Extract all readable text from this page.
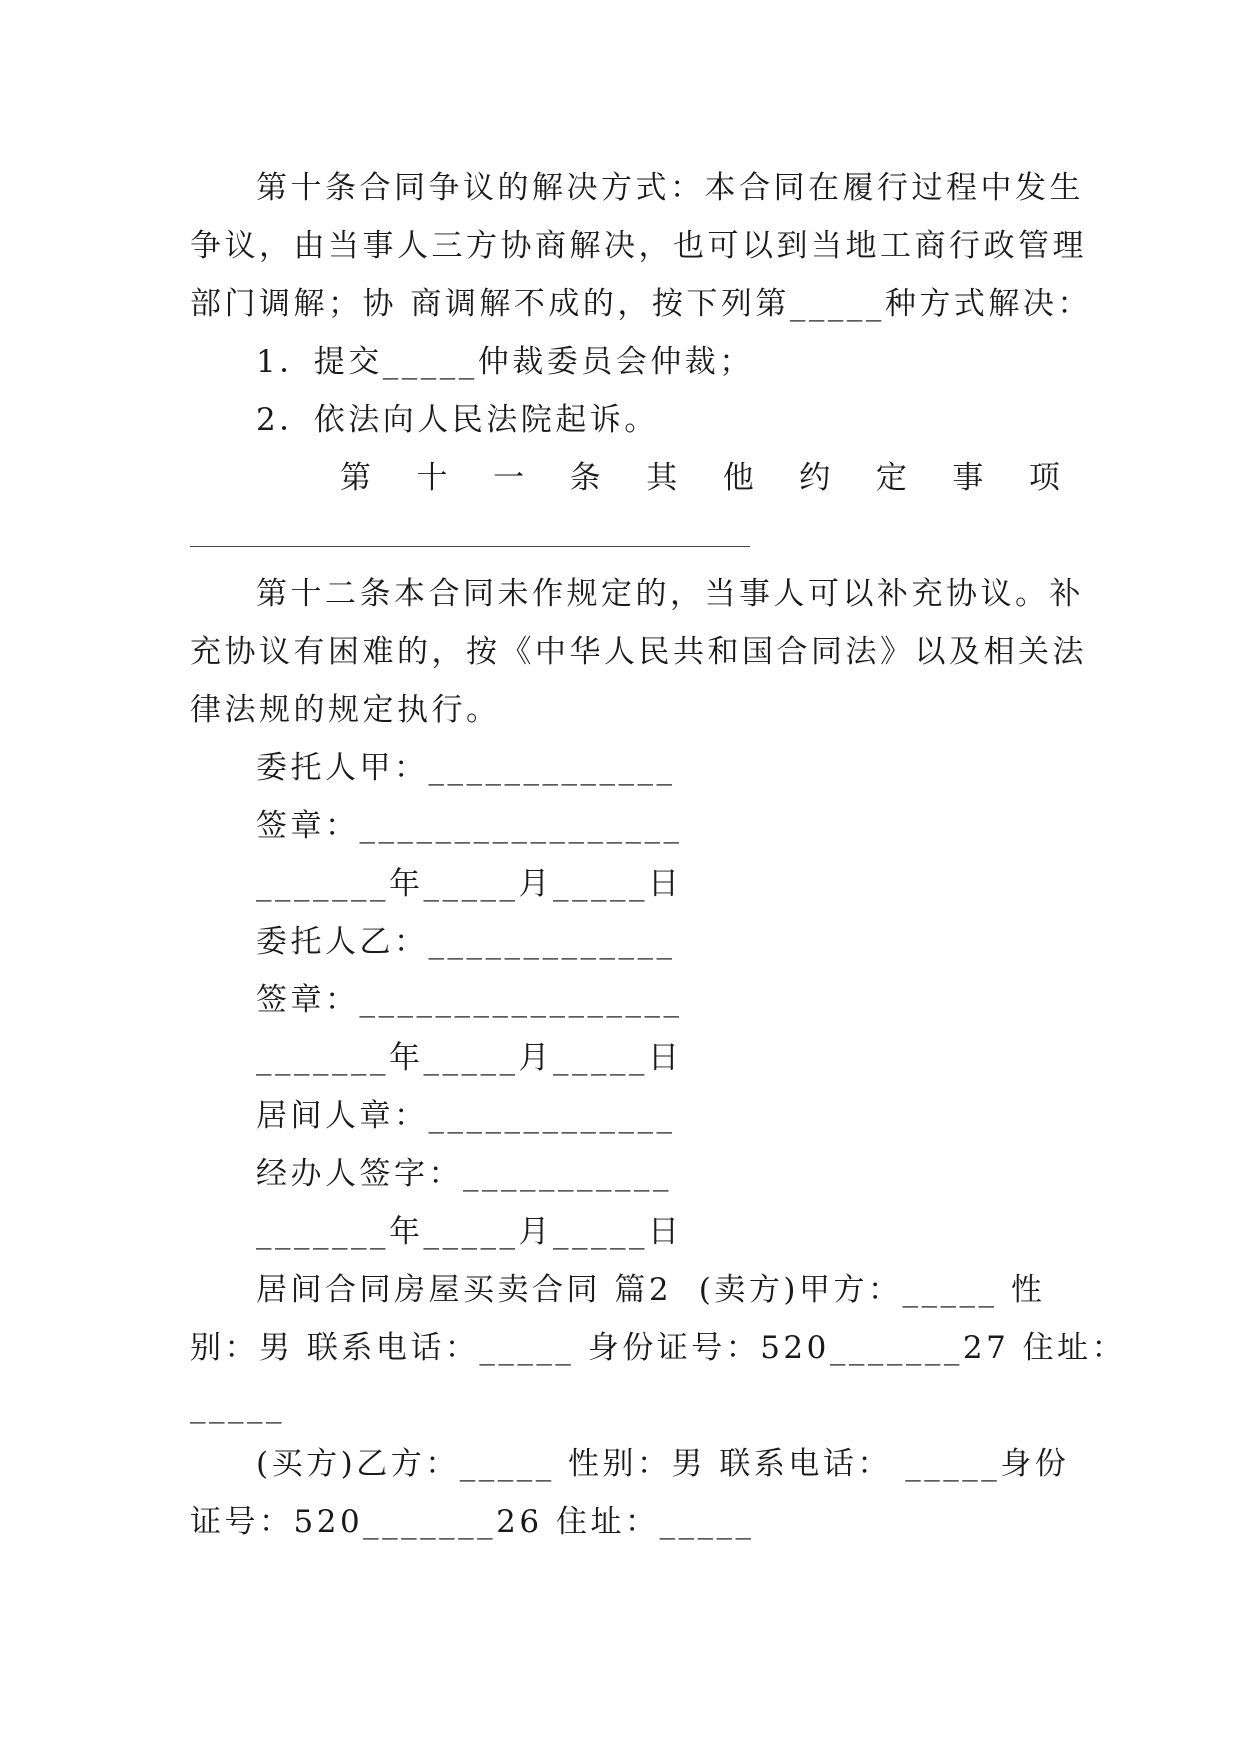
第十条合同争议的解决方式：本合同在履行过程中发生
争议，由当事人三方协商解决，也可以到当地工商行政管理
部门调解；协 商调解不成的，按下列第_____种方式解决：
1．提交_____仲裁委员会仲裁；
2．依法向人民法院起诉。
第 十 一 条 其 他 约 定 事 项
第十二条本合同未作规定的，当事人可以补充协议。补
充协议有困难的，按《中华人民共和国合同法》以及相关法
律法规的规定执行。
委托人甲：_____________
签章：_________________
_______年_____月_____日
委托人乙：_____________
签章：_________________
_______年_____月_____日
居间人章：_____________
经办人签字：___________
_______年_____月_____日
居间合同房屋买卖合同 篇2  (卖方)甲方：_____ 性
别：男 联系电话：_____ 身份证号：520_______27 住址：
_____
(买方)乙方：_____ 性别：男 联系电话： _____身份
证号：520_______26 住址：_____
